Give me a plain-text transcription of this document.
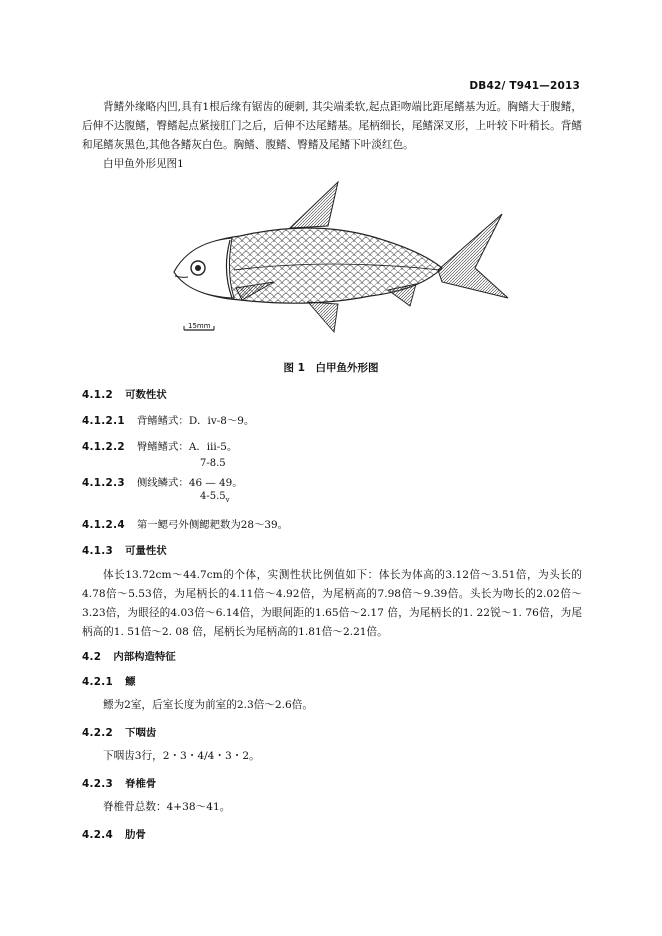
DB42/ T941—2013
背鳍外缘略内凹,具有1根后缘有锯齿的硬刺, 其尖端柔软,起点距吻端比距尾鳍基为近。胸鳍大于腹鳍，后伸不达腹鳍，臀鳍起点紧接肛门之后，后伸不达尾鳍基。尾柄细长，尾鳍深叉形，上叶较下叶稍长。背鳍和尾鳍灰黑色,其他各鳍灰白色。胸鳍、腹鳍、臀鳍及尾鳍下叶淡红色。
白甲鱼外形见图1
15mm
图 1　白甲鱼外形图
4.1.2 可数性状
4.1.2.1 背鳍鳍式：D．iv-8～9。
4.1.2.2 臀鳍鳍式：A．iii-5。
7-8.5
4.1.2.3 侧线鳞式：46 — 49。
$4-5.5_v$
4.1.2.4 第一鳃弓外侧鳃耙数为28～39。
4.1.3 可量性状
体长13.72cm～44.7cm的个体，实测性状比例值如下：体长为体高的3.12倍～3.51倍，为头长的4.78倍～5.53倍，为尾柄长的4.11倍～4.92倍，为尾柄高的7.98倍～9.39倍。头长为吻长的2.02倍～3.23倍，为眼径的4.03倍～6.14倍，为眼间距的1.65倍～2.17 倍，为尾柄长的1. 22锐～1. 76倍，为尾柄高的1. 51倍～2. 08 倍，尾柄长为尾柄高的1.81倍～2.21倍。
4.2 内部构造特征
4.2.1 鳔
鳔为2室，后室长度为前室的2.3倍～2.6倍。
4.2.2 下咽齿
下咽齿3行，2・3・4/4・3・2。
4.2.3 脊椎骨
脊椎骨总数：4+38～41。
4.2.4 肋骨
